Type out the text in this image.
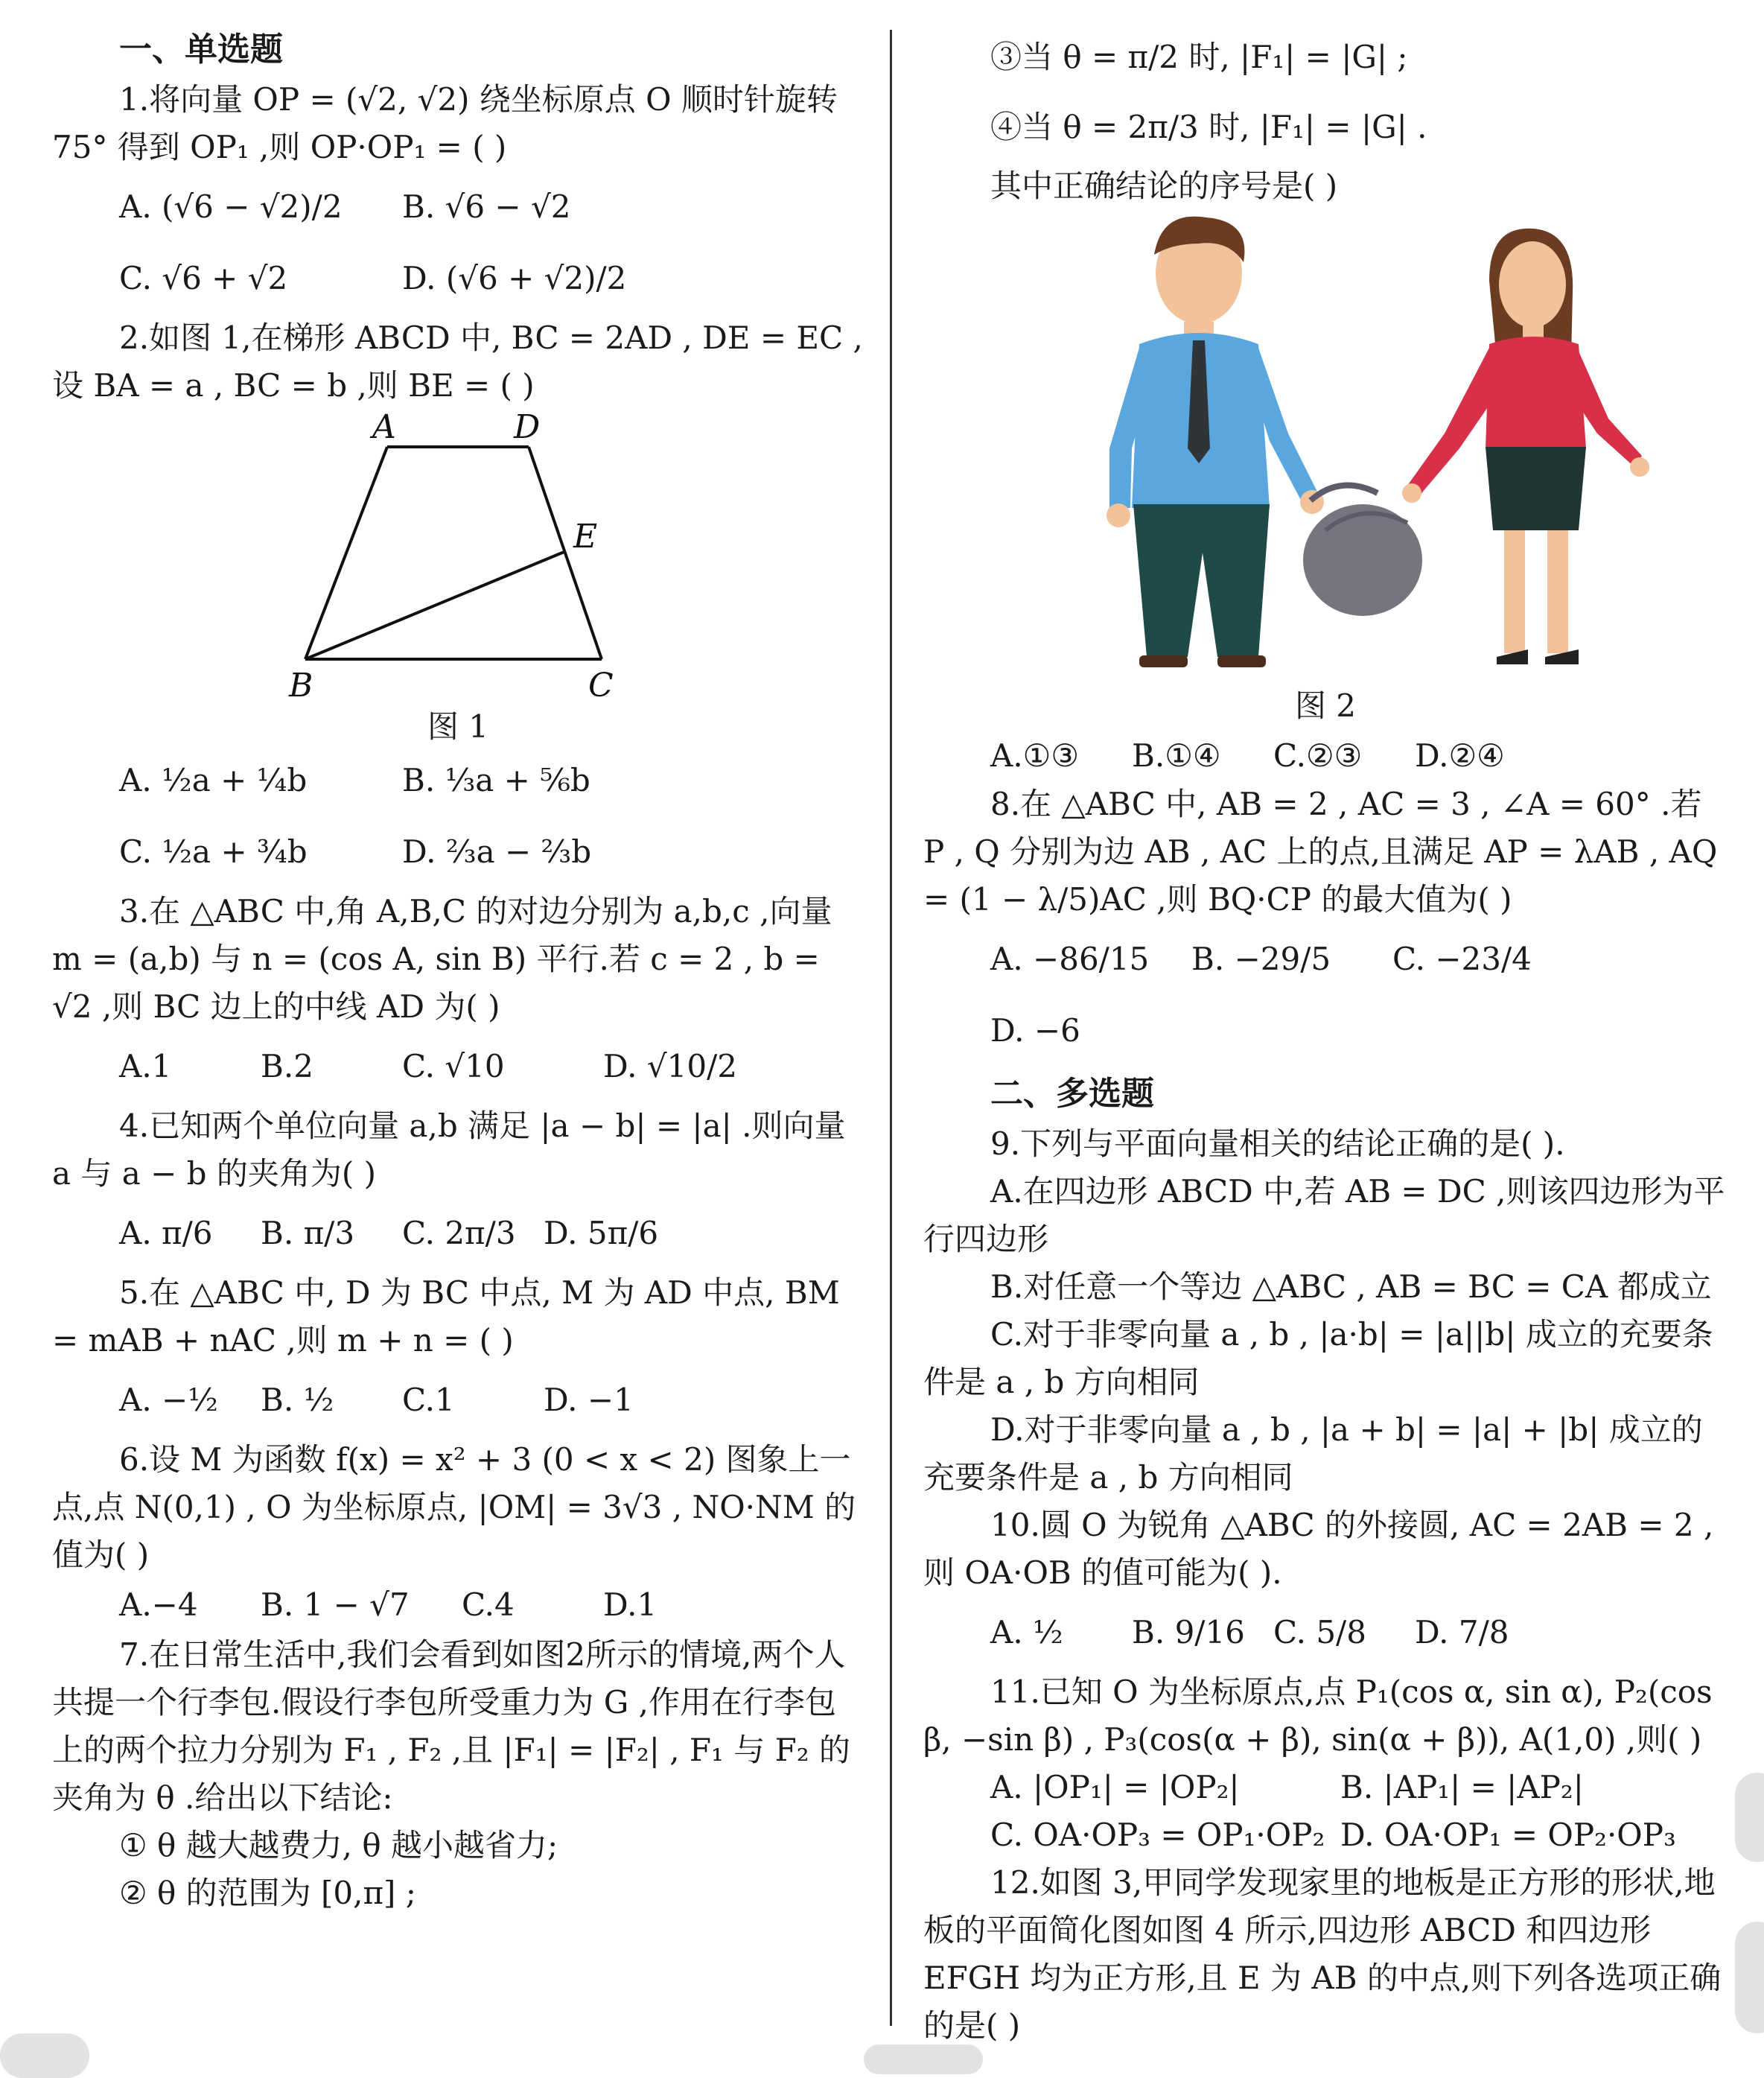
一、单选题

1.将向量 OP = (√2, √2) 绕坐标原点 O 顺时针旋转 75° 得到 OP₁ ,则 OP·OP₁ = ( )

A. (√6 − √2)/2	B. √6 − √2
C. √6 + √2	D. (√6 + √2)/2

2.如图 1,在梯形 ABCD 中, BC = 2AD , DE = EC ,设 BA = a , BC = b ,则 BE = ( )

A	D
E
B	C
图 1
A. ½a + ¼b	B. ⅓a + ⅚b
C. ½a + ¾b	D. ⅔a − ⅔b

3.在 △ABC 中,角 A,B,C 的对边分别为 a,b,c ,向量 m = (a,b) 与 n = (cos A, sin B) 平行.若 c = 2 , b = √2 ,则 BC 边上的中线 AD 为( )

A.1	B.2	C. √10	D. √10/2

4.已知两个单位向量 a,b 满足 |a − b| = |a| .则向量 a 与 a − b 的夹角为( )

A. π/6	B. π/3	C. 2π/3 D. 5π/6

5.在 △ABC 中, D 为 BC 中点, M 为 AD 中点, BM = mAB + nAC ,则 m + n = ( )

A. −½	B. ½	C.1	D. −1

6.设 M 为函数 f(x) = x² + 3 (0 < x < 2) 图象上一点,点 N(0,1) , O 为坐标原点, |OM| = 3√3 , NO·NM 的值为( )

A.−4	B. 1 − √7	C.4	D.1

7.在日常生活中,我们会看到如图2所示的情境,两个人共提一个行李包.假设行李包所受重力为 G ,作用在行李包上的两个拉力分别为 F₁ , F₂ ,且 |F₁| = |F₂| , F₁ 与 F₂ 的夹角为 θ .给出以下结论:

① θ 越大越费力, θ 越小越省力;
② θ 的范围为 [0,π] ;
③当 θ = π/2 时, |F₁| = |G| ;
④当 θ = 2π/3 时, |F₁| = |G| .

其中正确结论的序号是( )

图 2
A.①③	B.①④	C.②③	D.②④

8.在 △ABC 中, AB = 2 , AC = 3 , ∠A = 60° .若 P , Q 分别为边 AB , AC 上的点,且满足 AP = λAB , AQ = (1 − λ/5)AC ,则 BQ·CP 的最大值为( )

A. −86/15	B. −29/5	C. −23/4
D. −6
二、多选题

9.下列与平面向量相关的结论正确的是( ).

A.在四边形 ABCD 中,若 AB = DC ,则该四边形为平行四边形

B.对任意一个等边 △ABC , AB = BC = CA 都成立

C.对于非零向量 a , b , |a·b| = |a||b| 成立的充要条件是 a , b 方向相同

D.对于非零向量 a , b , |a + b| = |a| + |b| 成立的充要条件是 a , b 方向相同

10.圆 O 为锐角 △ABC 的外接圆, AC = 2AB = 2 ,则 OA·OB 的值可能为( ).

A. ½	B. 9/16 C. 5/8	D. 7/8

11.已知 O 为坐标原点,点 P₁(cos α, sin α), P₂(cos β, −sin β) , P₃(cos(α + β), sin(α + β)), A(1,0) ,则( )

A. |OP₁| = |OP₂|	B. |AP₁| = |AP₂|
C. OA·OP₃ = OP₁·OP₂ D. OA·OP₁ = OP₂·OP₃

12.如图 3,甲同学发现家里的地板是正方形的形状,地板的平面简化图如图 4 所示,四边形 ABCD 和四边形 EFGH 均为正方形,且 E 为 AB 的中点,则下列各选项正确的是( )
